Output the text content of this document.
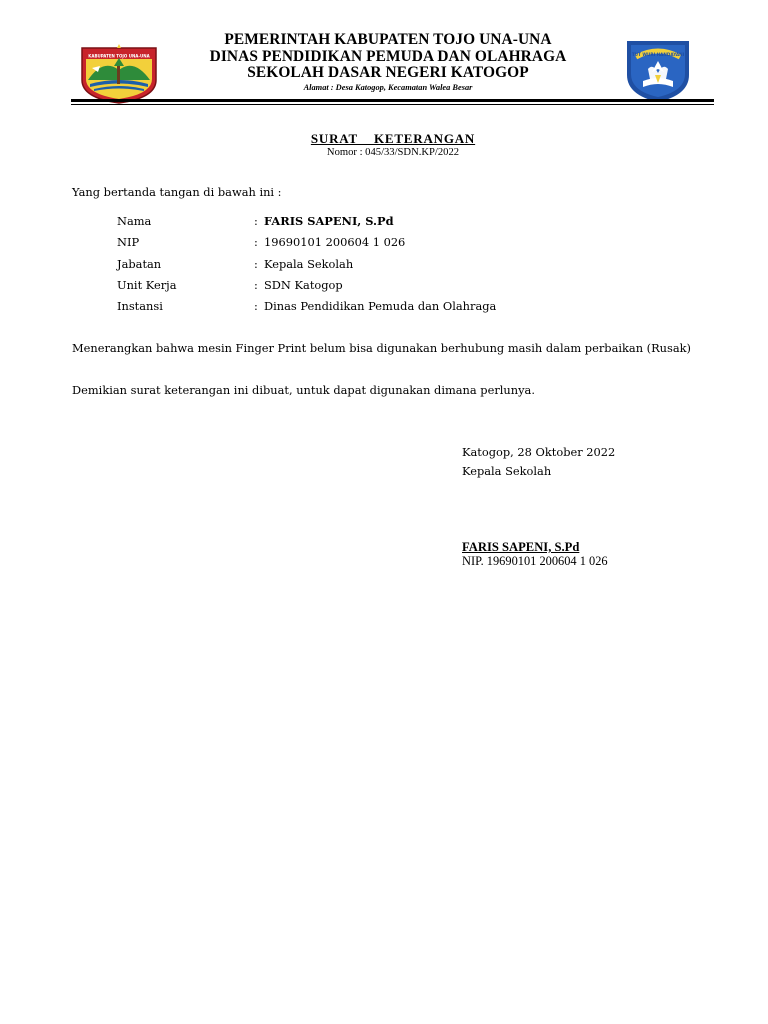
KABUPATEN TOJO UNA-UNA
PEMERINTAH KABUPATEN TOJO UNA-UNA
DINAS PENDIDIKAN PEMUDA DAN OLAHRAGA
SEKOLAH DASAR NEGERI KATOGOP
Alamat : Desa Katogop, Kecamatan Walea Besar
TUT WURI HANDAYANI
SURAT    KETERANGAN
Nomor : 045/33/SDN.KP/2022
Yang bertanda tangan di bawah ini :
Nama	: FARIS SAPENI, S.Pd
NIP	: 19690101 200604 1 026
Jabatan	: Kepala Sekolah
Unit Kerja	: SDN Katogop
Instansi	: Dinas Pendidikan Pemuda dan Olahraga
Menerangkan bahwa mesin Finger Print belum bisa digunakan berhubung masih dalam perbaikan (Rusak)
Demikian surat keterangan ini dibuat, untuk dapat digunakan dimana perlunya.
Katogop, 28 Oktober 2022
Kepala Sekolah
FARIS SAPENI, S.Pd
NIP. 19690101 200604 1 026
